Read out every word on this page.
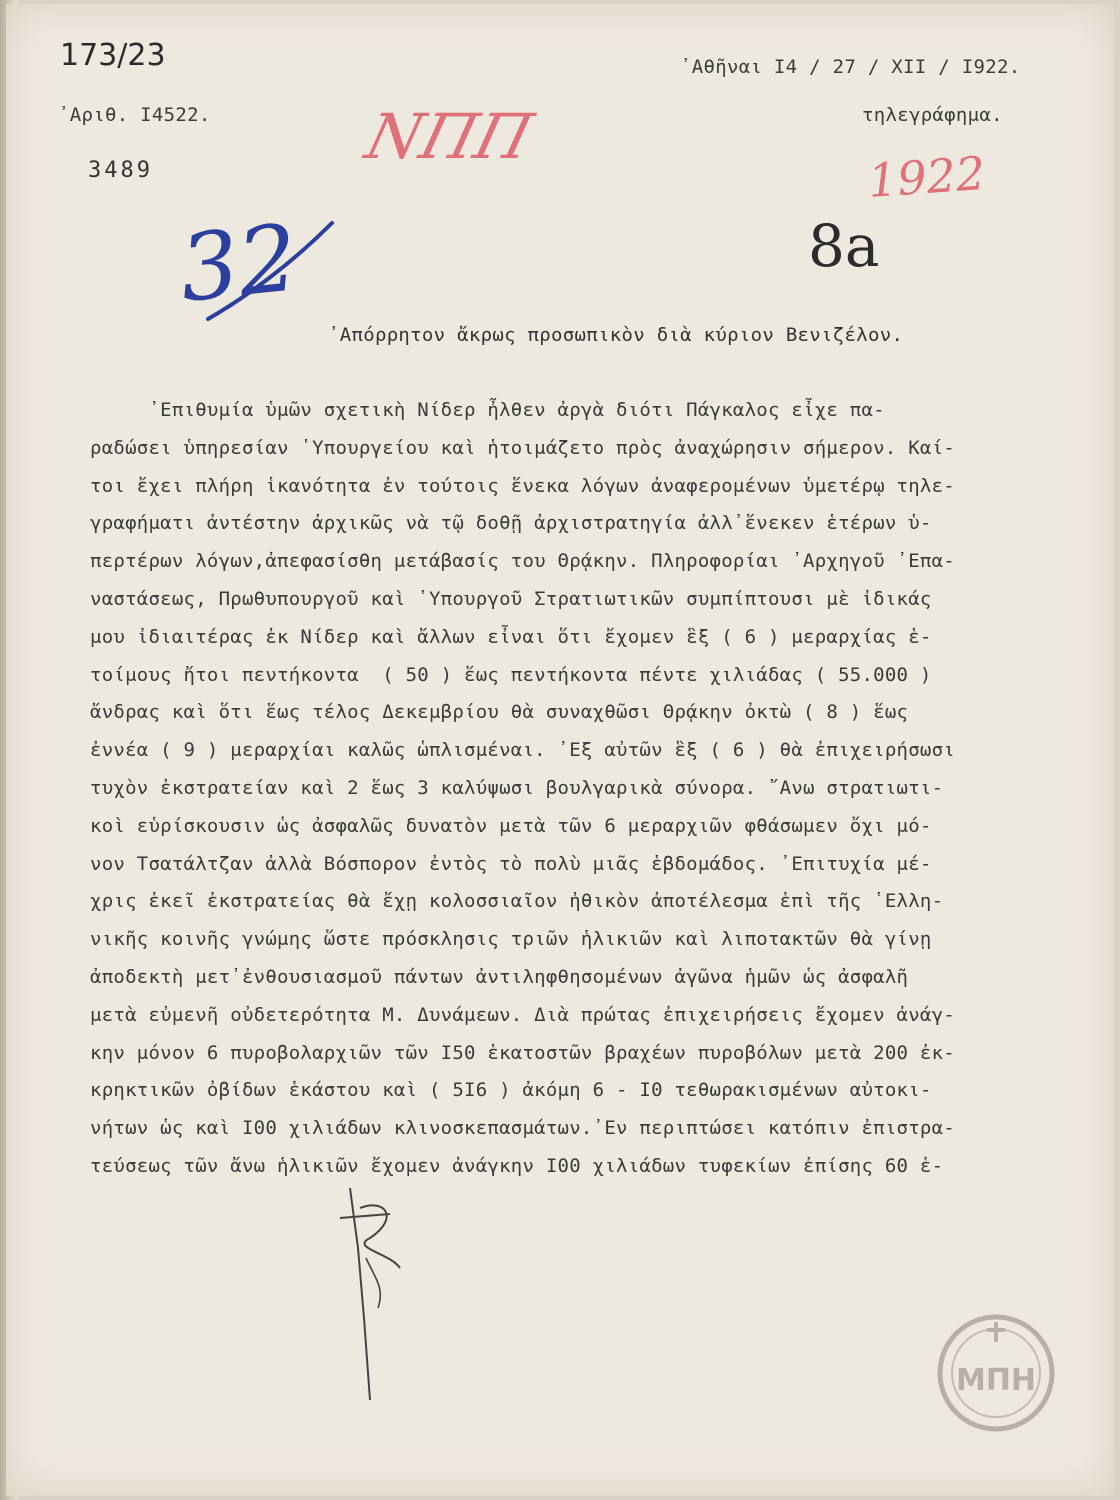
173/23
᾿Αριθ. Ι4522.
3489
᾿Αθῆναι Ι4 / 27 / XII / Ι922.
τηλεγράφημα.
ΝΠΠ
1922
32	8a
᾿Απόρρητον ἄκρως προσωπικὸν διὰ κύριον Βενιζέλον.
᾿Επιθυμία ὑμῶν σχετικὴ Νίδερ ἦλθεν ἀργὰ διότι Πάγκαλος εἶχε πα-
ραδώσει ὑπηρεσίαν ῾Υπουργείου καὶ ἡτοιμάζετο πρὸς ἀναχώρησιν σήμερον. Καί-
τοι ἔχει πλήρη ἱκανότητα ἐν τούτοις ἕνεκα λόγων ἀναφερομένων ὑμετέρῳ τηλε-
γραφήματι ἀντέστην ἀρχικῶς νὰ τῷ δοθῇ ἀρχιστρατηγία ἀλλ᾿ἕνεκεν ἑτέρων ὑ-
περτέρων λόγων,ἀπεφασίσθη μετάβασίς του Θρᾴκην. Πληροφορίαι ᾿Αρχηγοῦ ᾿Επα-
ναστάσεως, Πρωθυπουργοῦ καὶ ῾Υπουργοῦ Στρατιωτικῶν συμπίπτουσι μὲ ἰδικάς
μου ἰδιαιτέρας ἐκ Νίδερ καὶ ἄλλων εἶναι ὅτι ἔχομεν ἓξ ( 6 ) μεραρχίας ἑ-
τοίμους ἤτοι πεντήκοντα  ( 50 ) ἕως πεντήκοντα πέντε χιλιάδας ( 55.000 )
ἄνδρας καὶ ὅτι ἕως τέλος Δεκεμβρίου θὰ συναχθῶσι Θρᾴκην ὀκτὼ ( 8 ) ἕως
ἐννέα ( 9 ) μεραρχίαι καλῶς ὡπλισμέναι. ᾿Εξ αὐτῶν ἓξ ( 6 ) θὰ ἐπιχειρήσωσι
τυχὸν ἐκστρατείαν καὶ 2 ἕως 3 καλύψωσι βουλγαρικὰ σύνορα. ῎Ανω στρατιωτι-
κοὶ εὑρίσκουσιν ὡς ἀσφαλῶς δυνατὸν μετὰ τῶν 6 μεραρχιῶν φθάσωμεν ὄχι μό-
νον Τσατάλτζαν ἀλλὰ Βόσπορον ἐντὸς τὸ πολὺ μιᾶς ἑβδομάδος. ᾿Επιτυχία μέ-
χρις ἐκεῖ ἐκστρατείας θὰ ἔχῃ κολοσσιαῖον ἠθικὸν ἀποτέλεσμα ἐπὶ τῆς ῾Ελλη-
νικῆς κοινῆς γνώμης ὥστε πρόσκλησις τριῶν ἡλικιῶν καὶ λιποτακτῶν θὰ γίνῃ
ἀποδεκτὴ μετ᾿ἐνθουσιασμοῦ πάντων ἀντιληφθησομένων ἀγῶνα ἡμῶν ὡς ἀσφαλῆ
μετὰ εὐμενῆ οὐδετερότητα Μ. Δυνάμεων. Διὰ πρώτας ἐπιχειρήσεις ἔχομεν ἀνάγ-
κην μόνον 6 πυροβολαρχιῶν τῶν Ι50 ἑκατοστῶν βραχέων πυροβόλων μετὰ 200 ἐκ-
κρηκτικῶν ὀβίδων ἑκάστου καὶ ( 5Ι6 ) ἀκόμη 6 - Ι0 τεθωρακισμένων αὐτοκι-
νήτων ὡς καὶ Ι00 χιλιάδων κλινοσκεπασμάτων.᾿Εν περιπτώσει κατόπιν ἐπιστρα-
τεύσεως τῶν ἄνω ἡλικιῶν ἔχομεν ἀνάγκην Ι00 χιλιάδων τυφεκίων ἐπίσης 60 ἑ-
ΜΠΗ
